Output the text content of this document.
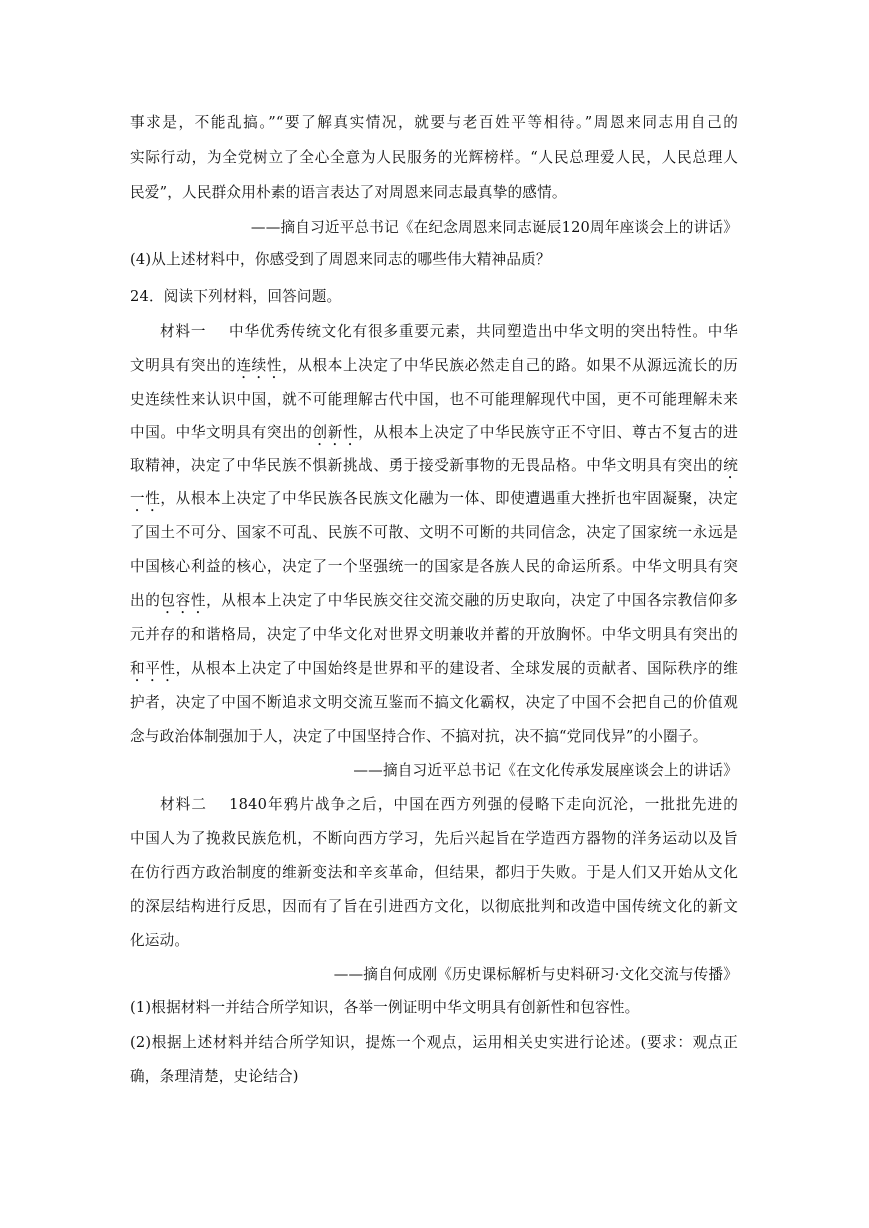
事求是，不能乱搞。”“要了解真实情况，就要与老百姓平等相待。”周恩来同志用自己的
实际行动，为全党树立了全心全意为人民服务的光辉榜样。“人民总理爱人民，人民总理人
民爱”，人民群众用朴素的语言表达了对周恩来同志最真挚的感情。
——摘自习近平总书记《在纪念周恩来同志诞辰120周年座谈会上的讲话》
(4)从上述材料中，你感受到了周恩来同志的哪些伟大精神品质？
24．阅读下列材料，回答问题。
材料一 中华优秀传统文化有很多重要元素，共同塑造出中华文明的突出特性。中华
文明具有突出的连续性，从根本上决定了中华民族必然走自己的路。如果不从源远流长的历
史连续性来认识中国，就不可能理解古代中国，也不可能理解现代中国，更不可能理解未来
中国。中华文明具有突出的创新性，从根本上决定了中华民族守正不守旧、尊古不复古的进
取精神，决定了中华民族不惧新挑战、勇于接受新事物的无畏品格。中华文明具有突出的统
一性，从根本上决定了中华民族各民族文化融为一体、即使遭遇重大挫折也牢固凝聚，决定
了国土不可分、国家不可乱、民族不可散、文明不可断的共同信念，决定了国家统一永远是
中国核心利益的核心，决定了一个坚强统一的国家是各族人民的命运所系。中华文明具有突
出的包容性，从根本上决定了中华民族交往交流交融的历史取向，决定了中国各宗教信仰多
元并存的和谐格局，决定了中华文化对世界文明兼收并蓄的开放胸怀。中华文明具有突出的
和平性，从根本上决定了中国始终是世界和平的建设者、全球发展的贡献者、国际秩序的维
护者，决定了中国不断追求文明交流互鉴而不搞文化霸权，决定了中国不会把自己的价值观
念与政治体制强加于人，决定了中国坚持合作、不搞对抗，决不搞“党同伐异”的小圈子。
——摘自习近平总书记《在文化传承发展座谈会上的讲话》
材料二 1840年鸦片战争之后，中国在西方列强的侵略下走向沉沦，一批批先进的
中国人为了挽救民族危机，不断向西方学习，先后兴起旨在学造西方器物的洋务运动以及旨
在仿行西方政治制度的维新变法和辛亥革命，但结果，都归于失败。于是人们又开始从文化
的深层结构进行反思，因而有了旨在引进西方文化，以彻底批判和改造中国传统文化的新文
化运动。
——摘自何成刚《历史课标解析与史料研习·文化交流与传播》
(1)根据材料一并结合所学知识，各举一例证明中华文明具有创新性和包容性。
(2)根据上述材料并结合所学知识，提炼一个观点，运用相关史实进行论述。(要求：观点正
确，条理清楚，史论结合)
